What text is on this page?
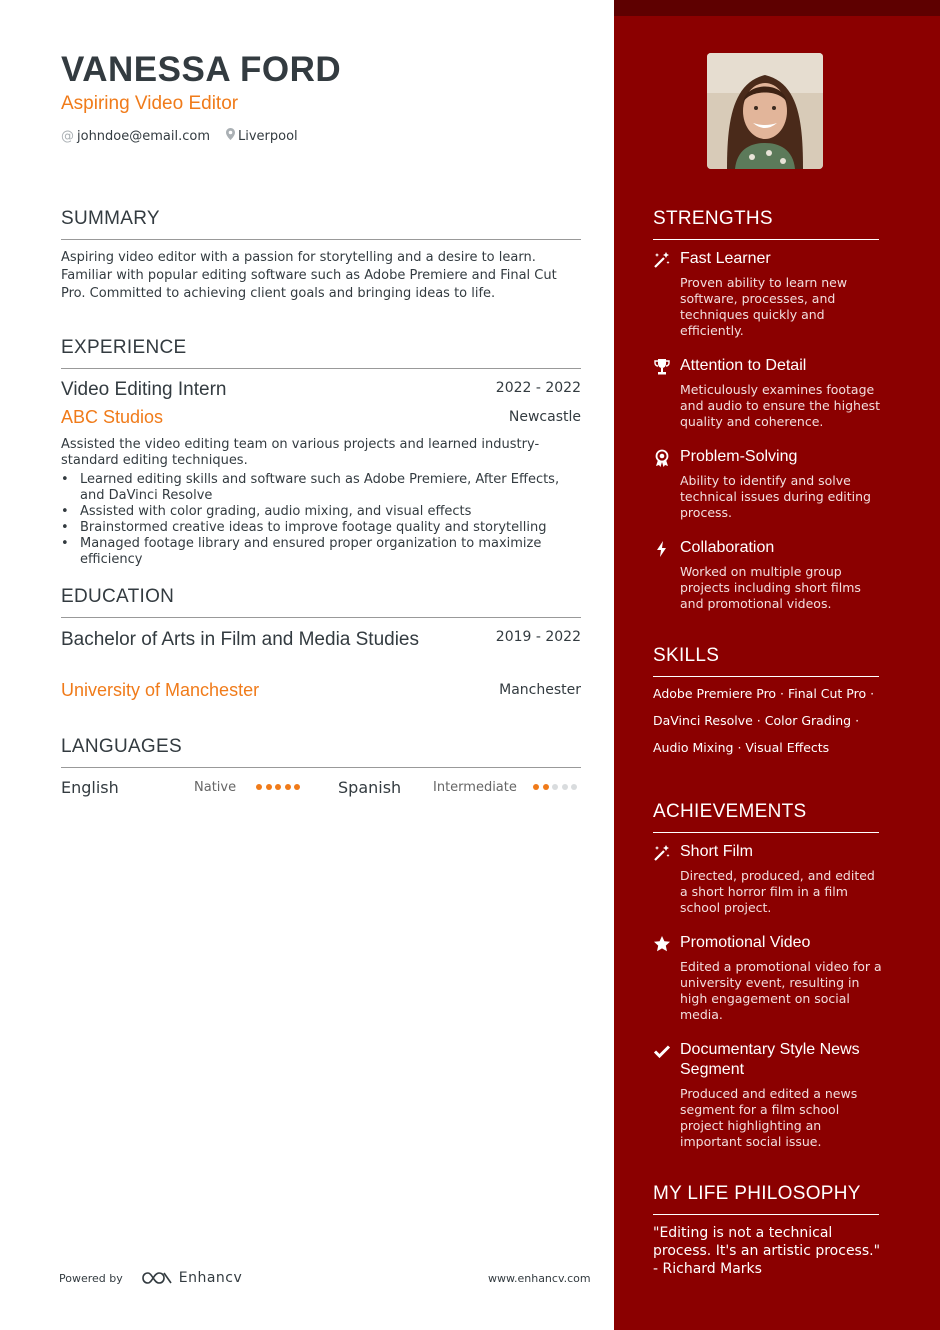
VANESSA FORD
Aspiring Video Editor
@ johndoe@email.com Liverpool
SUMMARY
Aspiring video editor with a passion for storytelling and a desire to learn. Familiar with popular editing software such as Adobe Premiere and Final Cut Pro. Committed to achieving client goals and bringing ideas to life.
EXPERIENCE
Video Editing Intern	2022 - 2022
ABC Studios	Newcastle
Assisted the video editing team on various projects and learned industry-standard editing techniques.
• Learned editing skills and software such as Adobe Premiere, After Effects, and DaVinci Resolve
• Assisted with color grading, audio mixing, and visual effects
• Brainstormed creative ideas to improve footage quality and storytelling
• Managed footage library and ensured proper organization to maximize efficiency
EDUCATION
Bachelor of Arts in Film and Media Studies	2019 - 2022
University of Manchester	Manchester
LANGUAGES
English	Native	Spanish Intermediate
Powered by	Enhancv	www.enhancv.com
STRENGTHS
Fast Learner
Proven ability to learn new software, processes, and techniques quickly and efficiently.
Attention to Detail
Meticulously examines footage and audio to ensure the highest quality and coherence.
Problem-Solving
Ability to identify and solve technical issues during editing process.
Collaboration
Worked on multiple group projects including short films and promotional videos.
SKILLS
Adobe Premiere Pro · Final Cut Pro ·
DaVinci Resolve · Color Grading ·
Audio Mixing · Visual Effects
ACHIEVEMENTS
Short Film
Directed, produced, and edited a short horror film in a film school project.
Promotional Video
Edited a promotional video for a university event, resulting in high engagement on social media.
Documentary Style News Segment
Produced and edited a news segment for a film school project highlighting an important social issue.
MY LIFE PHILOSOPHY
"Editing is not a technical process. It's an artistic process." - Richard Marks
